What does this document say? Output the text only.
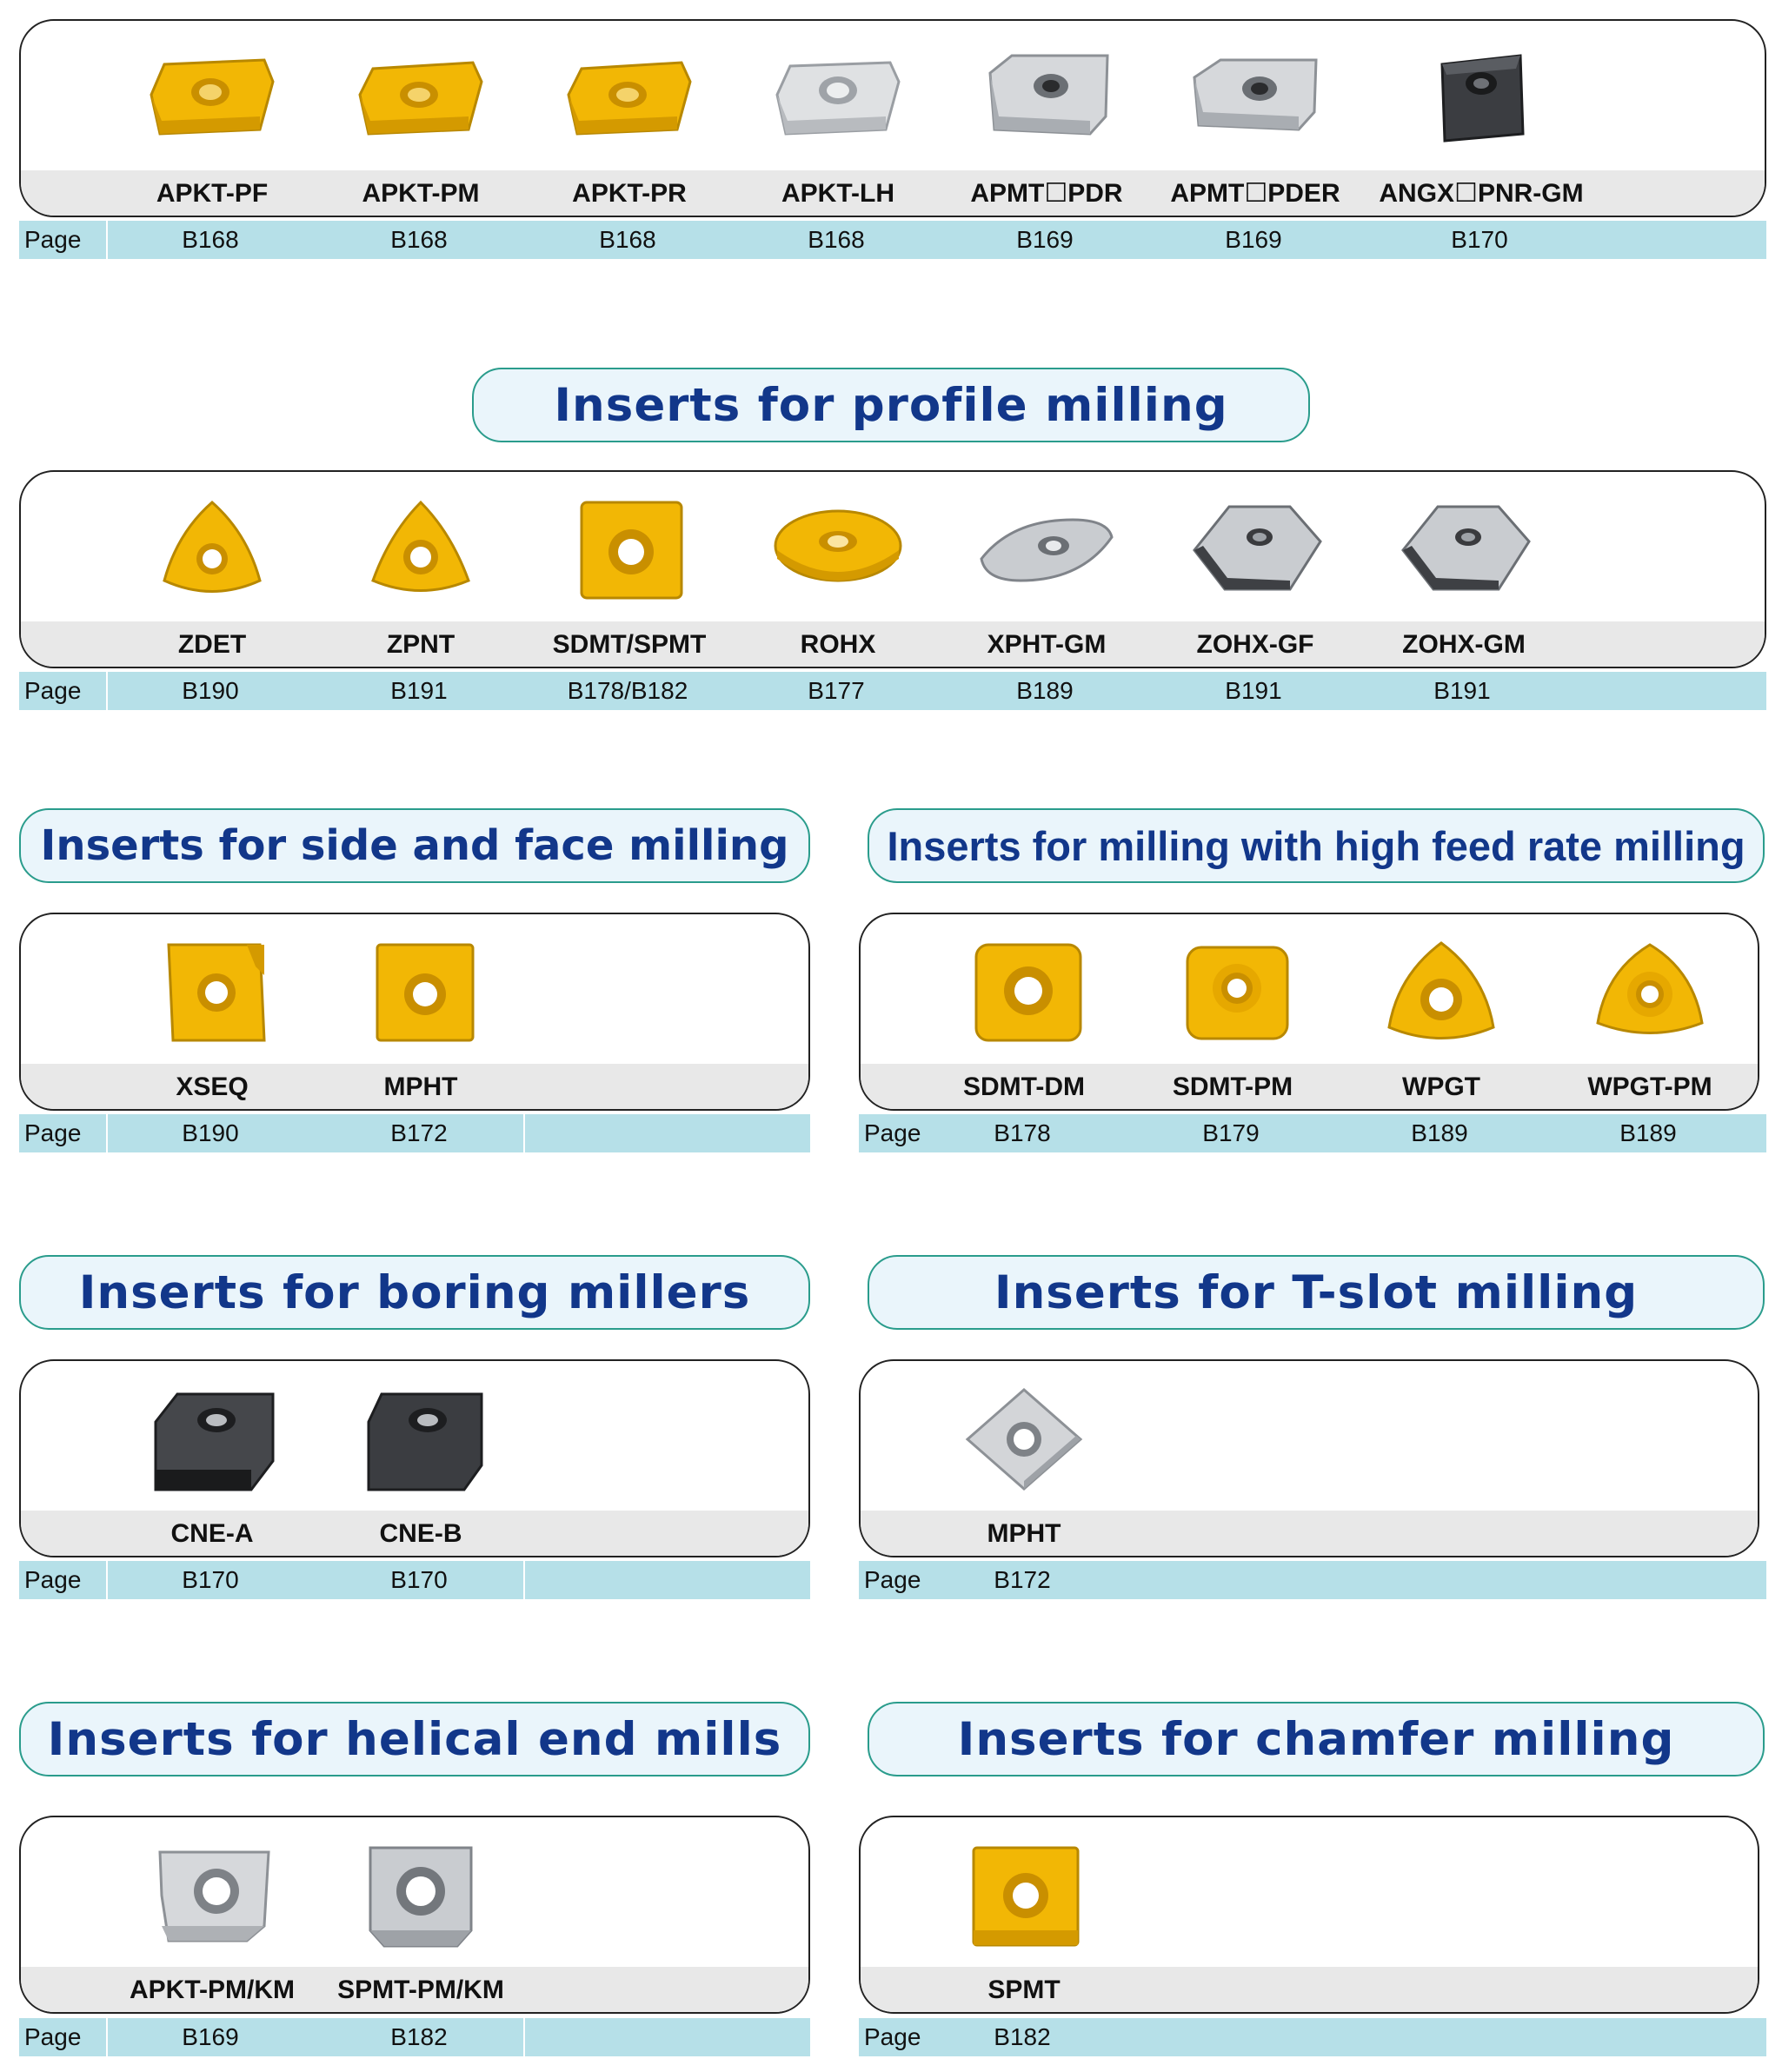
APKT-PF	APKT-PM	APKT-PR	APKT-LH	APMT☐PDR	APMT☐PDER	ANGX☐PNR-GM
Page	B168	B168	B168	B168	B169	B169	B170
Inserts for profile milling
ZDET	ZPNT	SDMT/SPMT	ROHX	XPHT-GM	ZOHX-GF	ZOHX-GM
Page	B190	B191	B178/B182	B177	B189	B191	B191
Inserts for side and face milling
XSEQ	MPHT
Page	B190	B172
Inserts for milling with high feed rate milling
SDMT-DM	SDMT-PM	WPGT	WPGT-PM
Page	B178	B179	B189	B189
Inserts for boring millers
CNE-A	CNE-B
Page	B170	B170
Inserts for T-slot milling
MPHT
Page	B172
Inserts for helical end mills
APKT-PM/KM	SPMT-PM/KM
Page	B169	B182
Inserts for chamfer milling
SPMT
Page	B182
